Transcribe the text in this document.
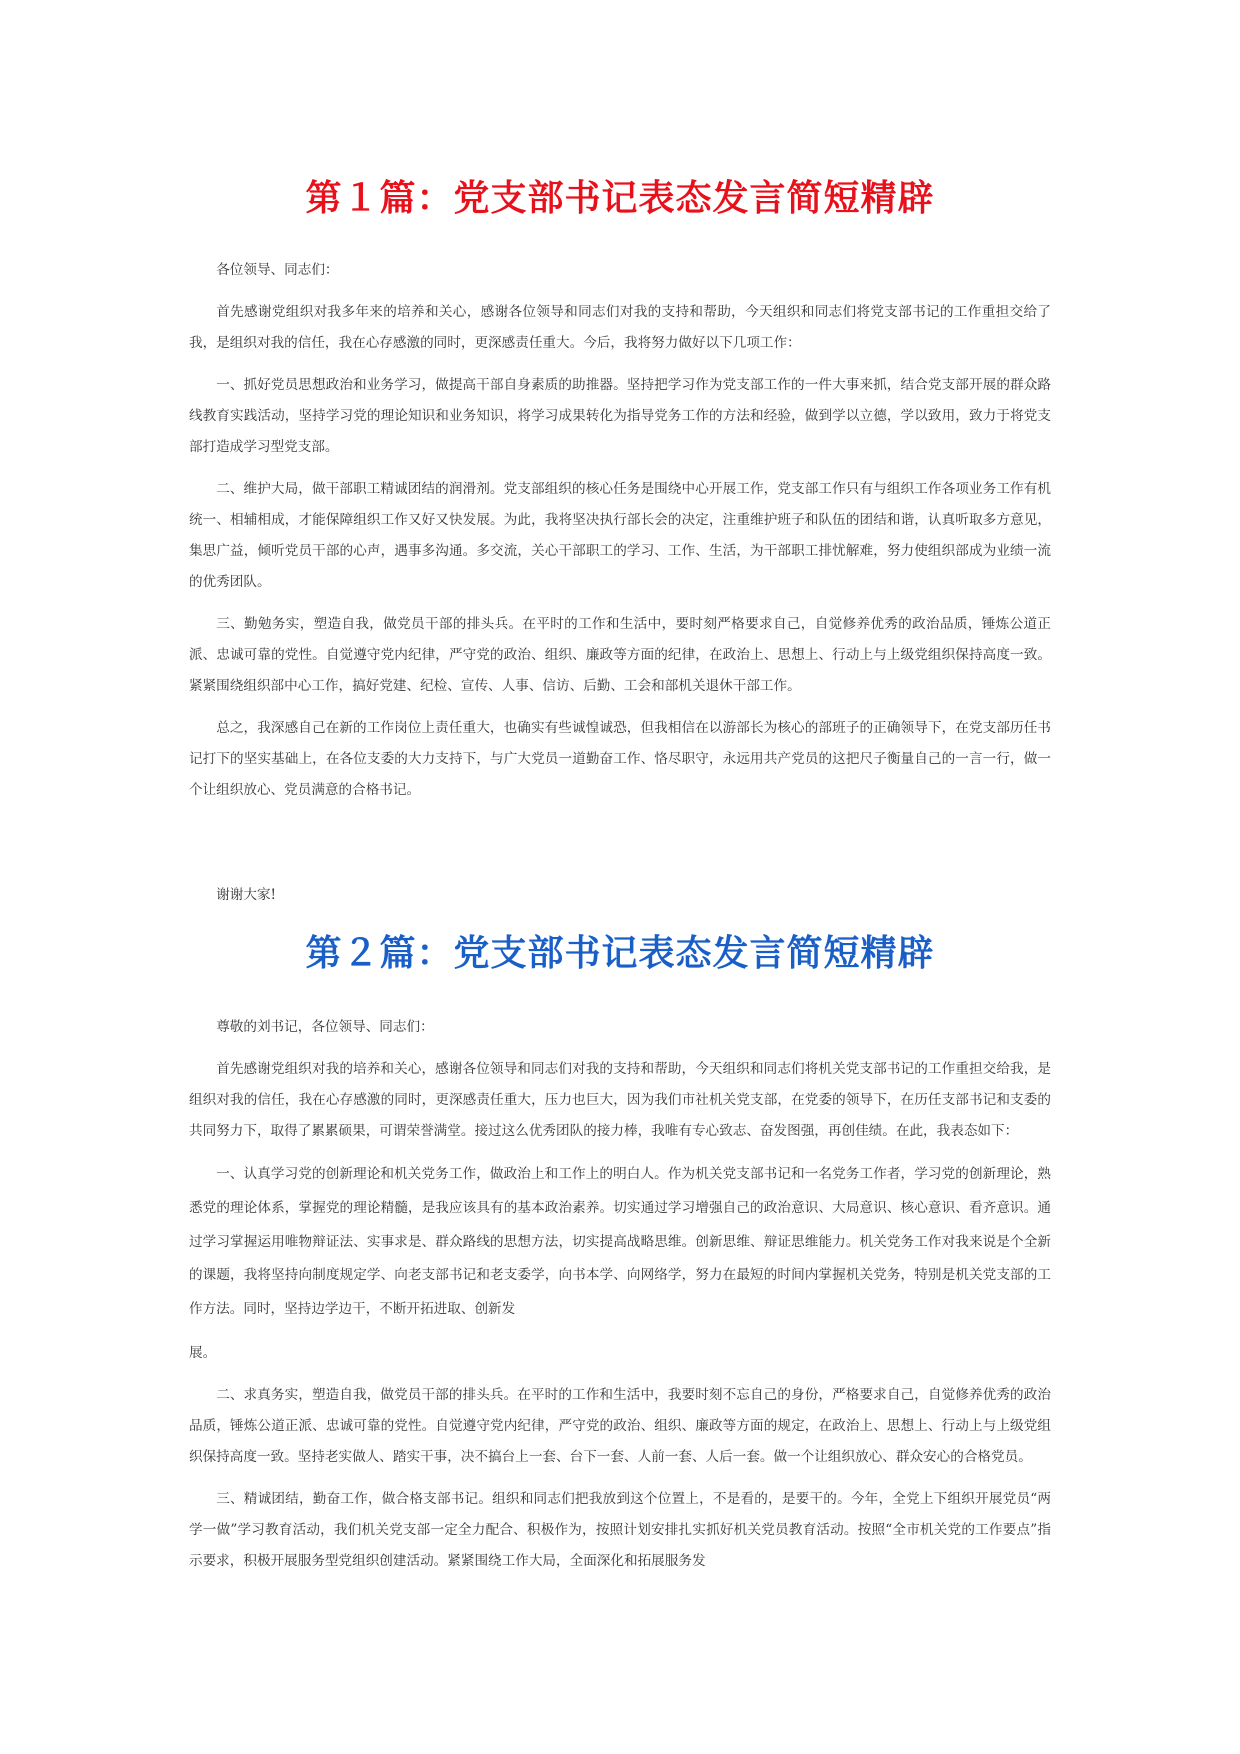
第１篇：党支部书记表态发言简短精辟

各位领导、同志们：

首先感谢党组织对我多年来的培养和关心，感谢各位领导和同志们对我的支持和帮助，今天组织和同志们将党支部书记的工作重担交给了我，是组织对我的信任，我在心存感激的同时，更深感责任重大。今后，我将努力做好以下几项工作：

一、抓好党员思想政治和业务学习，做提高干部自身素质的助推器。坚持把学习作为党支部工作的一件大事来抓，结合党支部开展的群众路线教育实践活动，坚持学习党的理论知识和业务知识，将学习成果转化为指导党务工作的方法和经验，做到学以立德，学以致用，致力于将党支部打造成学习型党支部。

二、维护大局，做干部职工精诚团结的润滑剂。党支部组织的核心任务是围绕中心开展工作，党支部工作只有与组织工作各项业务工作有机统一、相辅相成，才能保障组织工作又好又快发展。为此，我将坚决执行部长会的决定，注重维护班子和队伍的团结和谐，认真听取多方意见，集思广益，倾听党员干部的心声，遇事多沟通。多交流，关心干部职工的学习、工作、生活，为干部职工排忧解难，努力使组织部成为业绩一流的优秀团队。

三、勤勉务实，塑造自我，做党员干部的排头兵。在平时的工作和生活中，要时刻严格要求自己，自觉修养优秀的政治品质，锤炼公道正派、忠诚可靠的党性。自觉遵守党内纪律，严守党的政治、组织、廉政等方面的纪律，在政治上、思想上、行动上与上级党组织保持高度一致。紧紧围绕组织部中心工作，搞好党建、纪检、宣传、人事、信访、后勤、工会和部机关退休干部工作。

总之，我深感自己在新的工作岗位上责任重大，也确实有些诚惶诚恐，但我相信在以游部长为核心的部班子的正确领导下，在党支部历任书记打下的坚实基础上，在各位支委的大力支持下，与广大党员一道勤奋工作、恪尽职守，永远用共产党员的这把尺子衡量自己的一言一行，做一个让组织放心、党员满意的合格书记。

谢谢大家!

第２篇：党支部书记表态发言简短精辟

尊敬的刘书记，各位领导、同志们：

首先感谢党组织对我的培养和关心，感谢各位领导和同志们对我的支持和帮助，今天组织和同志们将机关党支部书记的工作重担交给我，是组织对我的信任，我在心存感激的同时，更深感责任重大，压力也巨大，因为我们市社机关党支部，在党委的领导下，在历任支部书记和支委的共同努力下，取得了累累硕果，可谓荣誉满堂。接过这么优秀团队的接力棒，我唯有专心致志、奋发图强，再创佳绩。在此，我表态如下：

一、认真学习党的创新理论和机关党务工作，做政治上和工作上的明白人。作为机关党支部书记和一名党务工作者，学习党的创新理论，熟悉党的理论体系，掌握党的理论精髓，是我应该具有的基本政治素养。切实通过学习增强自己的政治意识、大局意识、核心意识、看齐意识。通过学习掌握运用唯物辩证法、实事求是、群众路线的思想方法，切实提高战略思维。创新思维、辩证思维能力。机关党务工作对我来说是个全新的课题，我将坚持向制度规定学、向老支部书记和老支委学，向书本学、向网络学，努力在最短的时间内掌握机关党务，特别是机关党支部的工作方法。同时，坚持边学边干，不断开拓进取、创新发

展。

二、求真务实，塑造自我，做党员干部的排头兵。在平时的工作和生活中，我要时刻不忘自己的身份，严格要求自己，自觉修养优秀的政治品质，锤炼公道正派、忠诚可靠的党性。自觉遵守党内纪律，严守党的政治、组织、廉政等方面的规定，在政治上、思想上、行动上与上级党组织保持高度一致。坚持老实做人、踏实干事，决不搞台上一套、台下一套、人前一套、人后一套。做一个让组织放心、群众安心的合格党员。

三、精诚团结，勤奋工作，做合格支部书记。组织和同志们把我放到这个位置上，不是看的，是要干的。今年，全党上下组织开展党员“两学一做”学习教育活动，我们机关党支部一定全力配合、积极作为，按照计划安排扎实抓好机关党员教育活动。按照“全市机关党的工作要点”指示要求，积极开展服务型党组织创建活动。紧紧围绕工作大局，全面深化和拓展服务发
